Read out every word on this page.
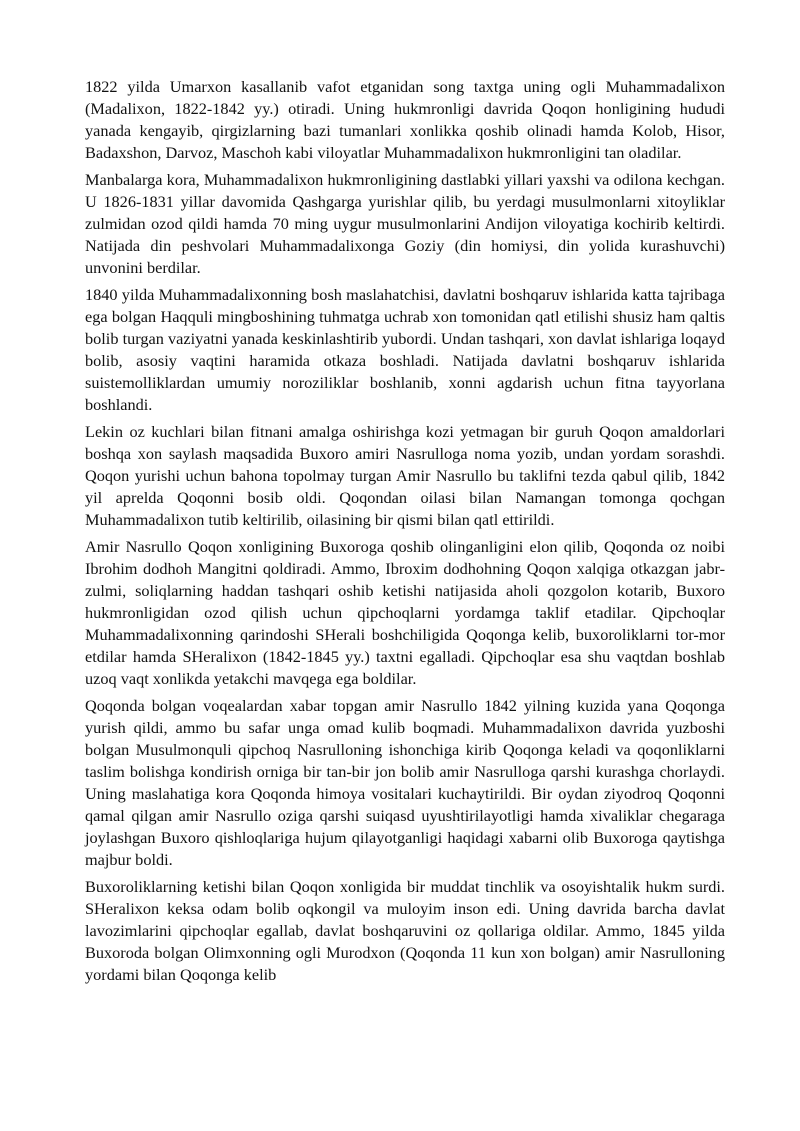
1822 yilda Umarxon kasallanib vafot etganidan song taxtga uning ogli Muhammadalixon (Madalixon, 1822-1842 yy.) otiradi. Uning hukmronligi davrida Qoqon honligining hududi yanada kengayib, qirgizlarning bazi tumanlari xonlikka qoshib olinadi hamda Kolob, Hisor, Badaxshon, Darvoz, Maschoh kabi viloyatlar Muhammadalixon hukmronligini tan oladilar.

Manbalarga kora, Muhammadalixon hukmronligining dastlabki yillari yaxshi va odilona kechgan. U 1826-1831 yillar davomida Qashgarga yurishlar qilib, bu yerdagi musulmonlarni xitoyliklar zulmidan ozod qildi hamda 70 ming uygur musulmonlarini Andijon viloyatiga kochirib keltirdi. Natijada din peshvolari Muhammadalixonga Goziy (din homiysi, din yolida kurashuvchi) unvonini berdilar.

1840 yilda Muhammadalixonning bosh maslahatchisi, davlatni boshqaruv ishlarida katta tajribaga ega bolgan Haqquli mingboshining tuhmatga uchrab xon tomonidan qatl etilishi shusiz ham qaltis bolib turgan vaziyatni yanada keskinlashtirib yubordi. Undan tashqari, xon davlat ishlariga loqayd bolib, asosiy vaqtini haramida otkaza boshladi. Natijada davlatni boshqaruv ishlarida suistemolliklardan umumiy noroziliklar boshlanib, xonni agdarish uchun fitna tayyorlana boshlandi.

Lekin oz kuchlari bilan fitnani amalga oshirishga kozi yetmagan bir guruh Qoqon amaldorlari boshqa xon saylash maqsadida Buxoro amiri Nasrulloga noma yozib, undan yordam sorashdi. Qoqon yurishi uchun bahona topolmay turgan Amir Nasrullo bu taklifni tezda qabul qilib, 1842 yil aprelda Qoqonni bosib oldi. Qoqondan oilasi bilan Namangan tomonga qochgan Muhammadalixon tutib keltirilib, oilasining bir qismi bilan qatl ettirildi.

Amir Nasrullo Qoqon xonligining Buxoroga qoshib olinganligini elon qilib, Qoqonda oz noibi Ibrohim dodhoh Mangitni qoldiradi. Ammo, Ibroxim dodhohning Qoqon xalqiga otkazgan jabr-zulmi, soliqlarning haddan tashqari oshib ketishi natijasida aholi qozgolon kotarib, Buxoro hukmronligidan ozod qilish uchun qipchoqlarni yordamga taklif etadilar. Qipchoqlar Muhammadalixonning qarindoshi SHerali boshchiligida Qoqonga kelib, buxoroliklarni tor-mor etdilar hamda SHeralixon (1842-1845 yy.) taxtni egalladi. Qipchoqlar esa shu vaqtdan boshlab uzoq vaqt xonlikda yetakchi mavqega ega boldilar.

Qoqonda bolgan voqealardan xabar topgan amir Nasrullo 1842 yilning kuzida yana Qoqonga yurish qildi, ammo bu safar unga omad kulib boqmadi. Muhammadalixon davrida yuzboshi bolgan Musulmonquli qipchoq Nasrulloning ishonchiga kirib Qoqonga keladi va qoqonliklarni taslim bolishga kondirish orniga bir tan-bir jon bolib amir Nasrulloga qarshi kurashga chorlaydi. Uning maslahatiga kora Qoqonda himoya vositalari kuchaytirildi. Bir oydan ziyodroq Qoqonni qamal qilgan amir Nasrullo oziga qarshi suiqasd uyushtirilayotligi hamda xivaliklar chegaraga joylashgan Buxoro qishloqlariga hujum qilayotganligi haqidagi xabarni olib Buxoroga qaytishga majbur boldi.

Buxoroliklarning ketishi bilan Qoqon xonligida bir muddat tinchlik va osoyishtalik hukm surdi. SHeralixon keksa odam bolib oqkongil va muloyim inson edi. Uning davrida barcha davlat lavozimlarini qipchoqlar egallab, davlat boshqaruvini oz qollariga oldilar. Ammo, 1845 yilda Buxoroda bolgan Olimxonning ogli Murodxon (Qoqonda 11 kun xon bolgan) amir Nasrulloning yordami bilan Qoqonga kelib
